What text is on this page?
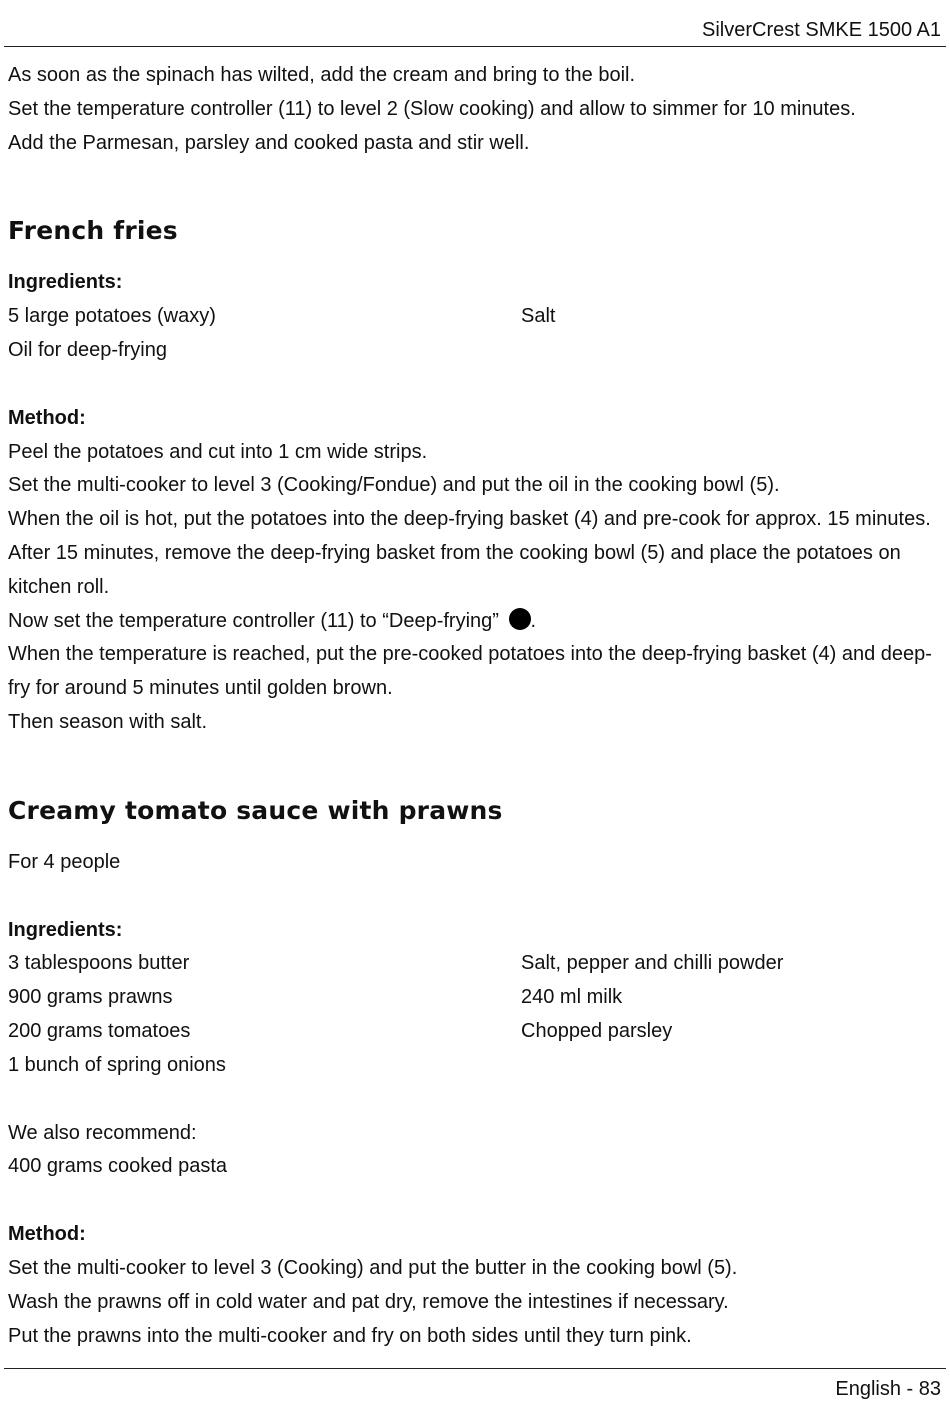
SilverCrest SMKE 1500 A1

As soon as the spinach has wilted, add the cream and bring to the boil.

Set the temperature controller (11) to level 2 (Slow cooking) and allow to simmer for 10 minutes.

Add the Parmesan, parsley and cooked pasta and stir well.

French fries

Ingredients:

5 large potatoes (waxy)

Oil for deep-frying

Salt

Method:

Peel the potatoes and cut into 1 cm wide strips.

Set the multi-cooker to level 3 (Cooking/Fondue) and put the oil in the cooking bowl (5).

When the oil is hot, put the potatoes into the deep-frying basket (4) and pre-cook for approx. 15 minutes.

After 15 minutes, remove the deep-frying basket from the cooking bowl (5) and place the potatoes on kitchen roll.

Now set the temperature controller (11) to “Deep-frying” .

When the temperature is reached, put the pre-cooked potatoes into the deep-frying basket (4) and deep-fry for around 5 minutes until golden brown.

Then season with salt.

Creamy tomato sauce with prawns

For 4 people

Ingredients:

3 tablespoons butter

900 grams prawns

200 grams tomatoes

1 bunch of spring onions

Salt, pepper and chilli powder

240 ml milk

Chopped parsley

We also recommend:

400 grams cooked pasta

Method:

Set the multi-cooker to level 3 (Cooking) and put the butter in the cooking bowl (5).

Wash the prawns off in cold water and pat dry, remove the intestines if necessary.

Put the prawns into the multi-cooker and fry on both sides until they turn pink.

English - 83
